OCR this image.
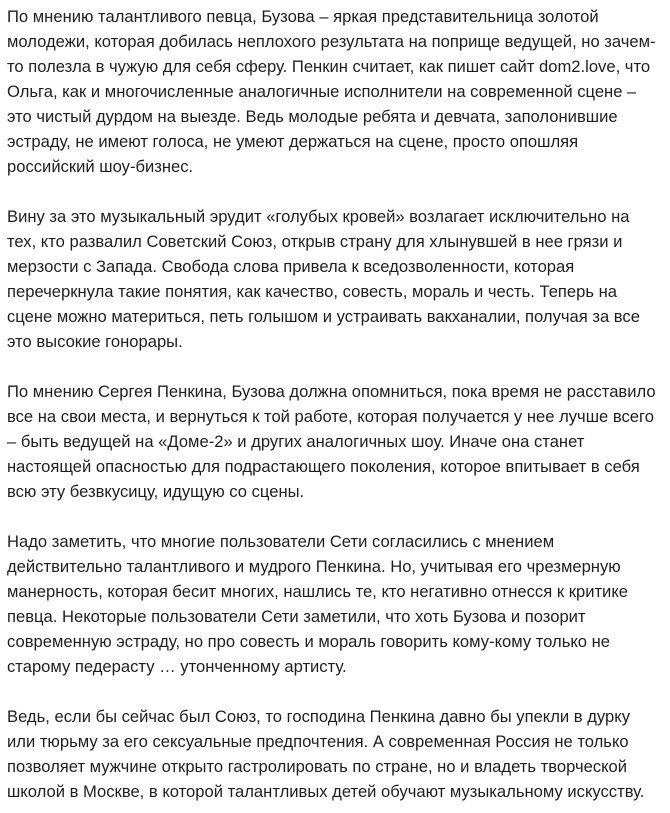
По мнению талантливого певца, Бузова – яркая представительница золотой молодежи, которая добилась неплохого результата на поприще ведущей, но зачем-то полезла в чужую для себя сферу. Пенкин считает, как пишет сайт dom2.love, что Ольга, как и многочисленные аналогичные исполнители на современной сцене – это чистый дурдом на выезде. Ведь молодые ребята и девчата, заполонившие эстраду, не имеют голоса, не умеют держаться на сцене, просто опошляя российский шоу-бизнес.

Вину за это музыкальный эрудит «голубых кровей» возлагает исключительно на тех, кто развалил Советский Союз, открыв страну для хлынувшей в нее грязи и мерзости с Запада. Свобода слова привела к вседозволенности, которая перечеркнула такие понятия, как качество, совесть, мораль и честь. Теперь на сцене можно материться, петь голышом и устраивать вакханалии, получая за все это высокие гонорары.

По мнению Сергея Пенкина, Бузова должна опомниться, пока время не расставило все на свои места, и вернуться к той работе, которая получается у нее лучше всего – быть ведущей на «Доме-2» и других аналогичных шоу. Иначе она станет настоящей опасностью для подрастающего поколения, которое впитывает в себя всю эту безвкусицу, идущую со сцены.

Надо заметить, что многие пользователи Сети согласились с мнением действительно талантливого и мудрого Пенкина. Но, учитывая его чрезмерную манерность, которая бесит многих, нашлись те, кто негативно отнесся к критике певца. Некоторые пользователи Сети заметили, что хоть Бузова и позорит современную эстраду, но про совесть и мораль говорить кому-кому только не старому педерасту … утонченному артисту.

Ведь, если бы сейчас был Союз, то господина Пенкина давно бы упекли в дурку или тюрьму за его сексуальные предпочтения. А современная Россия не только позволяет мужчине открыто гастролировать по стране, но и владеть творческой школой в Москве, в которой талантливых детей обучают музыкальному искусству.
